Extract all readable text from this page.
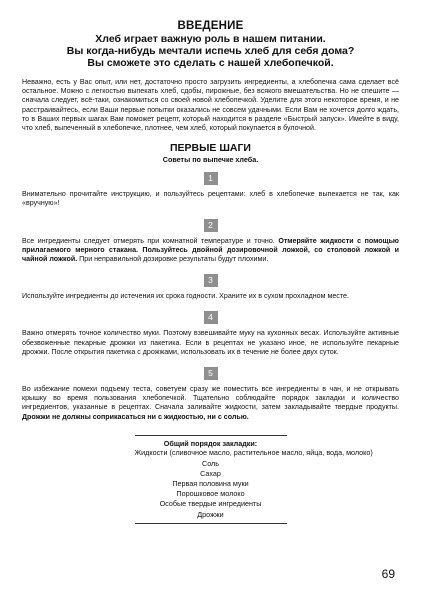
ВВЕДЕНИЕ

Хлеб играет важную роль в нашем питании.

Вы когда-нибудь мечтали испечь хлеб для себя дома?

Вы сможете это сделать с нашей хлебопечкой.

Неважно, есть у Вас опыт, или нет, достаточно просто загрузить ингредиенты, а хлебопечка сама сделает всё остальное. Можно с легкостью выпекать хлеб, сдобы, пирожные, без всякого вмешательства. Но не спешите — сначала следует, всё-таки, ознакомиться со своей новой хлебопечкой. Уделите для этого некоторое время, и не расстраивайтесь, если Ваши первые попытки оказались не совсем удачными. Если Вам не хочется долго ждать, то в Ваших первых шагах Вам поможет рецепт, который находится в разделе «Быстрый запуск». Имейте в виду, что хлеб, выпеченный в хлебопечке, плотнее, чем хлеб, который покупается в булочной.

ПЕРВЫЕ ШАГИ

Советы по выпечке хлеба.

1

Внимательно прочитайте инструкцию, и пользуйтесь рецептами: хлеб в хлебопечке выпекается не так, как «вручную»!

2

Все ингредиенты следует отмерять при комнатной температуре и точно. Отмеряйте жидкости с помощью прилагаемого мерного стакана. Пользуйтесь двойной дозировочной ложкой, со столовой ложкой и чайной ложкой. При неправильной дозировке результаты будут плохими.

3

Используйте ингредиенты до истечения их срока годности. Храните их в сухом прохладном месте.

4

Важно отмерять точное количество муки. Поэтому взвешивайте муку на кухонных весах. Используйте активные обезвоженные пекарные дрожжи из пакетика. Если в рецептах не указано иное, не используйте пекарные дрожжи. После открытия пакетика с дрожжами, использовать их в течение не более двух суток.

5

Во избежание помехи подъему теста, советуем сразу же поместить все ингредиенты в чан, и не открывать крышку во время пользования хлебопечкой. Тщательно соблюдайте порядок закладки и количество ингредиентов, указанные в рецептах. Сначала заливайте жидкости, затем закладывайте твердые продукты. Дрожжи не должны соприкасаться ни с жидкостью, ни с солью.

Общий порядок закладки:

Жидкости (сливочное масло, растительное масло, яйца, вода, молоко)
Соль
Сахар
Первая половина муки
Порошковое молоко
Особые твердые ингредиенты
Дрожжи
69
